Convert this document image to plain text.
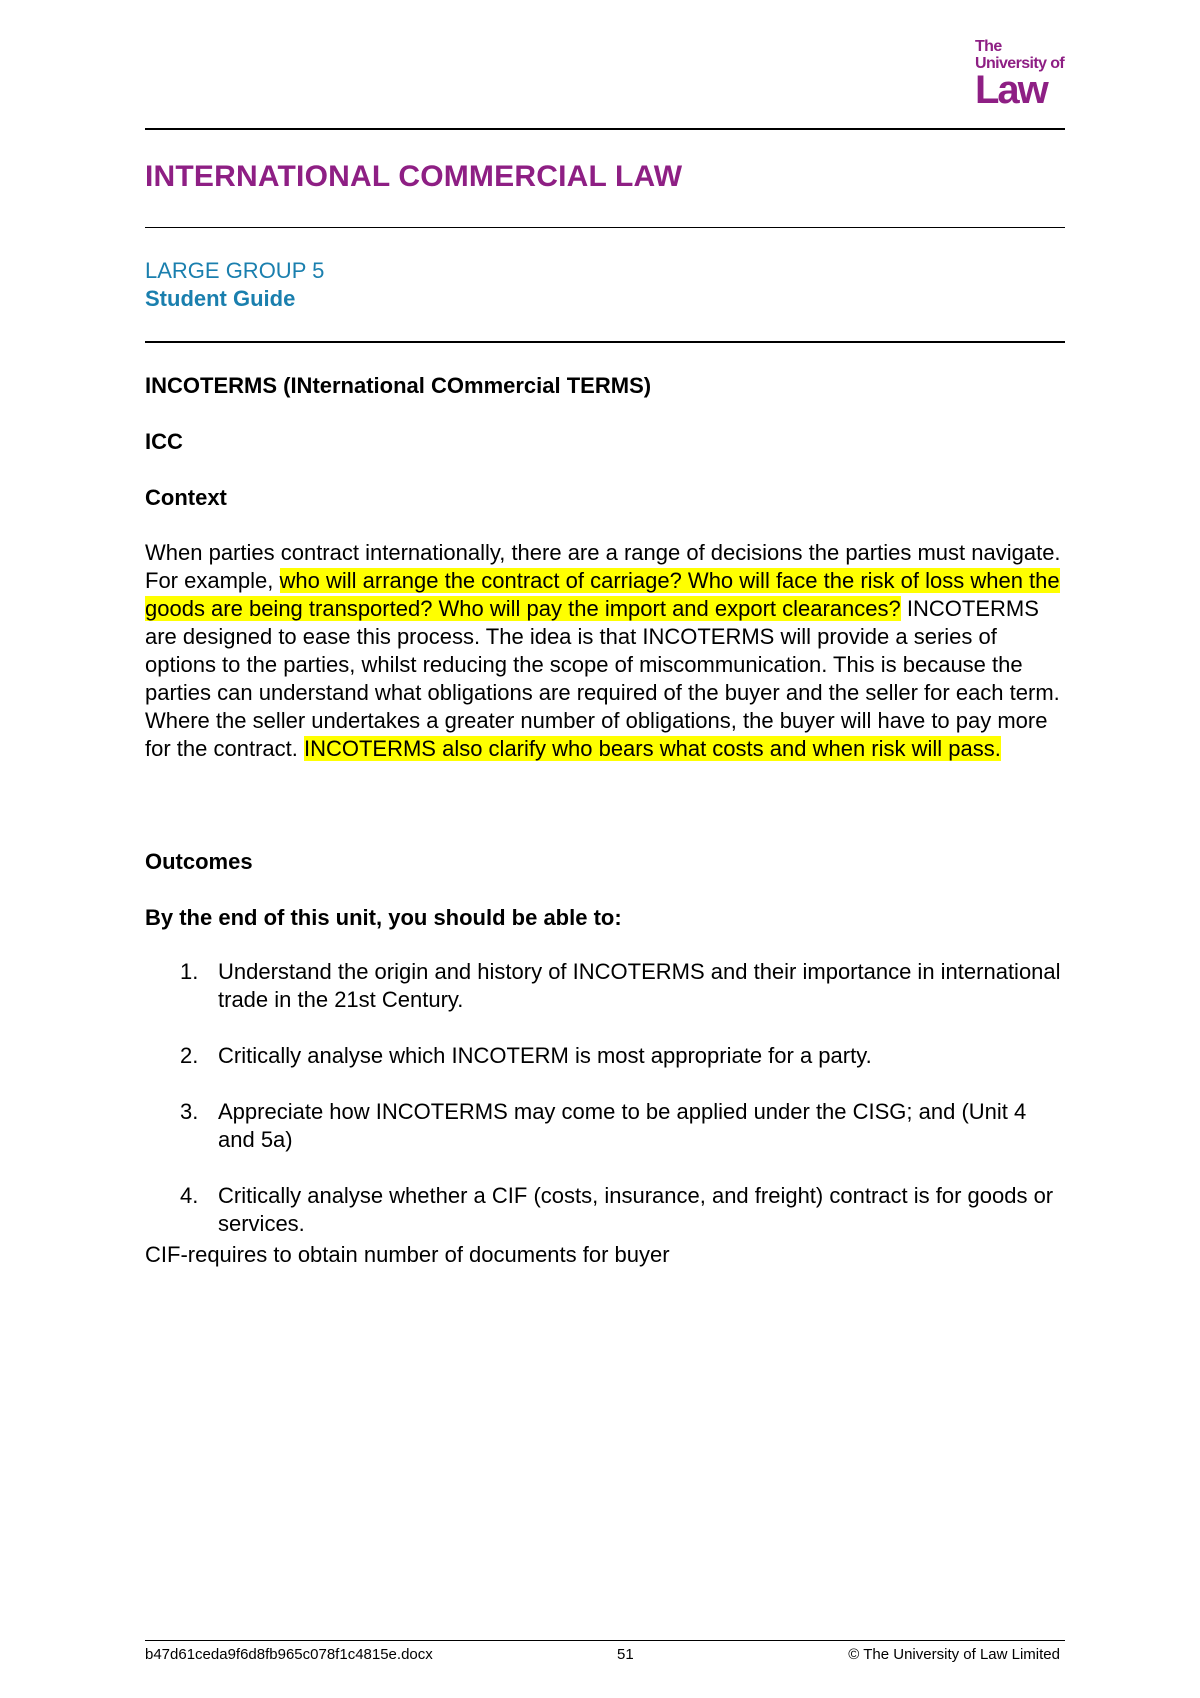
The
University of
Law
INTERNATIONAL COMMERCIAL LAW
LARGE GROUP 5
Student Guide
INCOTERMS (INternational COmmercial TERMS)
ICC
Context
When parties contract internationally, there are a range of decisions the parties must navigate. For example, who will arrange the contract of carriage? Who will face the risk of loss when the goods are being transported? Who will pay the import and export clearances? INCOTERMS are designed to ease this process. The idea is that INCOTERMS will provide a series of options to the parties, whilst reducing the scope of miscommunication. This is because the parties can understand what obligations are required of the buyer and the seller for each term. Where the seller undertakes a greater number of obligations, the buyer will have to pay more for the contract. INCOTERMS also clarify who bears what costs and when risk will pass.
Outcomes
By the end of this unit, you should be able to:
1. Understand the origin and history of INCOTERMS and their importance in international trade in the 21st Century.
2. Critically analyse which INCOTERM is most appropriate for a party.
3. Appreciate how INCOTERMS may come to be applied under the CISG; and (Unit 4 and 5a)
4. Critically analyse whether a CIF (costs, insurance, and freight) contract is for goods or services.
CIF-requires to obtain number of documents for buyer
b47d61ceda9f6d8fb965c078f1c4815e.docx	51	© The University of Law Limited
